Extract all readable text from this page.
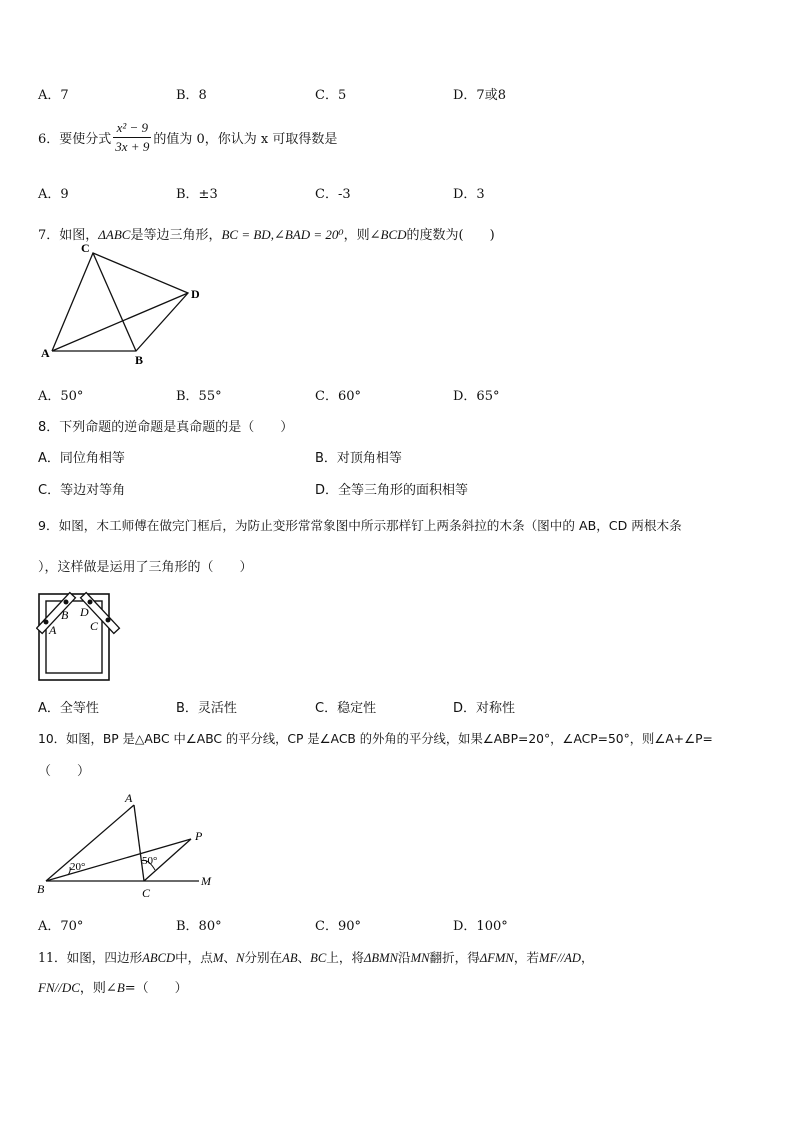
A．7	B．8	C．5	D．7或8
6．要使分式 $\frac{\text{x² − 9}}{3x + 9}$ 的值为 0，你认为 x 可取得数是
A．9	B．±3	C．-3	D．3
7．如图，ΔABC是等边三角形，BC = BD,∠BAD = 20⁰，则∠BCD的度数为(　　)
C
D
A	B
A．50°	B．55°	C．60°	D．65°
8．下列命题的逆命题是真命题的是（　　）
A．同位角相等	B．对顶角相等
C．等边对等角	D．全等三角形的面积相等
9．如图，木工师傅在做完门框后，为防止变形常常象图中所示那样钉上两条斜拉的木条（图中的 AB，CD 两根木条
），这样做是运用了三角形的（　　）
B D
A	C
A．全等性	B．灵活性	C．稳定性	D．对称性
10．如图，BP 是△ABC 中∠ABC 的平分线，CP 是∠ACB 的外角的平分线，如果∠ABP=20°，∠ACP=50°，则∠A+∠P=
（　　）
A
P
B	C
M
20°	50°
A．70°	B．80°	C．90°	D．100°
11．如图，四边形ABCD中，点M、N分别在AB、BC上，将ΔBMN沿MN翻折，得ΔFMN，若MF//AD，
FN//DC，则∠B=（　　）
